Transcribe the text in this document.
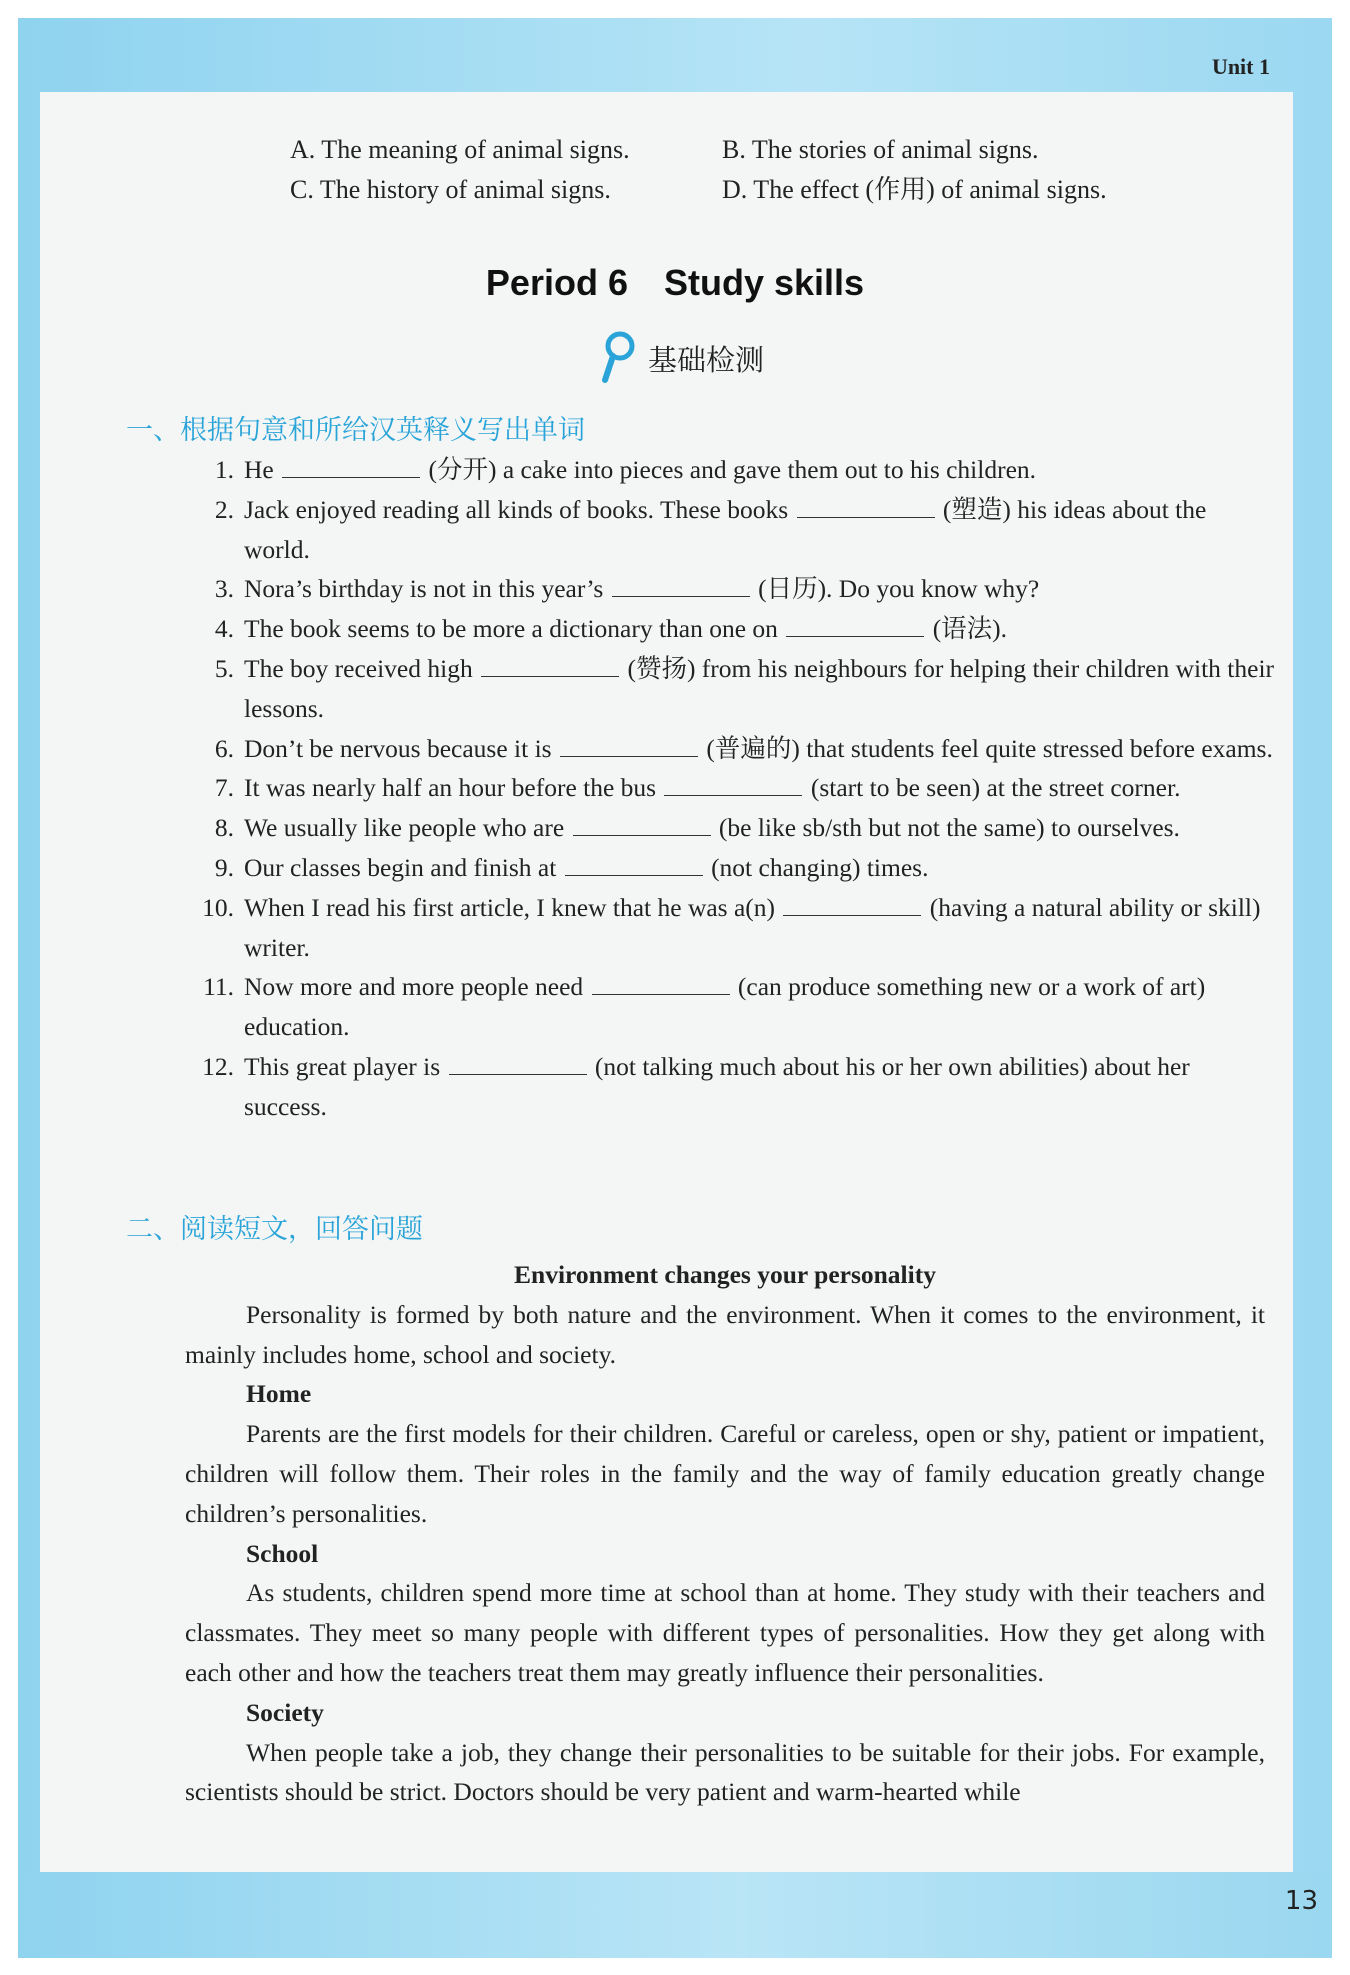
Unit 1
13
A. The meaning of animal signs.	B. The stories of animal signs.
C. The history of animal signs.	D. The effect (作用) of animal signs.
Period 6 Study skills
基础检测
一、根据句意和所给汉英释义写出单词
1. He	(分开) a cake into pieces and gave them out to his children.
2. Jack enjoyed reading all kinds of books. These books	(塑造) his ideas about the world.
3. Nora’s birthday is not in this year’s	(日历). Do you know why?
4. The book seems to be more a dictionary than one on	(语法).
5. The boy received high	(赞扬) from his neighbours for helping their children with their lessons.
6. Don’t be nervous because it is	(普遍的) that students feel quite stressed before exams.
7. It was nearly half an hour before the bus	(start to be seen) at the street corner.
8. We usually like people who are	(be like sb/sth but not the same) to ourselves.
9. Our classes begin and finish at	(not changing) times.
10. When I read his first article, I knew that he was a(n)	(having a natural ability or skill) writer.
11. Now more and more people need	(can produce something new or a work of art) education.
12. This great player is	(not talking much about his or her own abilities) about her success.
二、阅读短文，回答问题
Environment changes your personality

Personality is formed by both nature and the environment. When it comes to the environment, it mainly includes home, school and society.

Home

Parents are the first models for their children. Careful or careless, open or shy, patient or impatient, children will follow them. Their roles in the family and the way of family education greatly change children’s personalities.

School

As students, children spend more time at school than at home. They study with their teachers and classmates. They meet so many people with different types of personalities. How they get along with each other and how the teachers treat them may greatly influence their personalities.

Society

When people take a job, they change their personalities to be suitable for their jobs. For example, scientists should be strict. Doctors should be very patient and warm-hearted while
